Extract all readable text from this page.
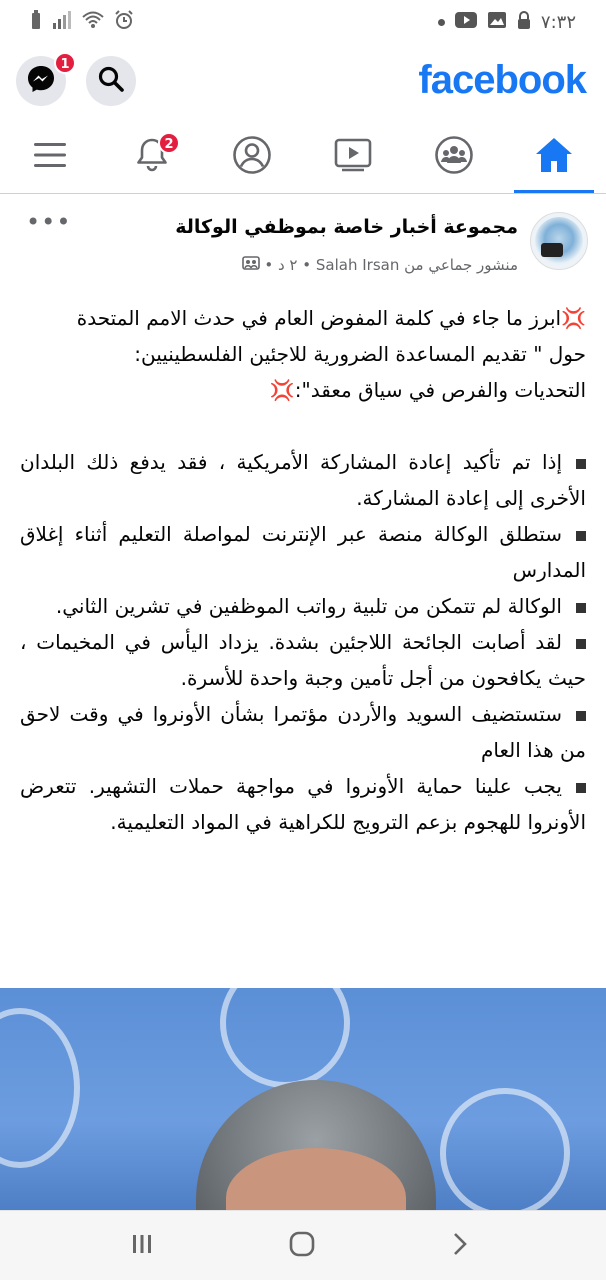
٧:٣٢
1	facebook
2
مجموعة أخبار خاصة بموظفي الوكالة
منشور جماعي من Salah Irsan • ٢ د •
•••

💢ابرز ما جاء في كلمة المفوض العام في حدث الامم المتحدة

حول " تقديم المساعدة الضرورية للاجئين الفلسطينيين:

التحديات والفرص في سياق معقد":💢

إذا تم تأكيد إعادة المشاركة الأمريكية ، فقد يدفع ذلك البلدان الأخرى إلى إعادة المشاركة.

ستطلق الوكالة منصة عبر الإنترنت لمواصلة التعليم أثناء إغلاق المدارس

الوكالة لم تتمكن من تلبية رواتب الموظفين في تشرين الثاني.

لقد أصابت الجائحة اللاجئين بشدة. يزداد اليأس في المخيمات ، حيث يكافحون من أجل تأمين وجبة واحدة للأسرة.

ستستضيف السويد والأردن مؤتمرا بشأن الأونروا في وقت لاحق من هذا العام

يجب علينا حماية الأونروا في مواجهة حملات التشهير. تتعرض الأونروا للهجوم بزعم الترويج للكراهية في المواد التعليمية.
